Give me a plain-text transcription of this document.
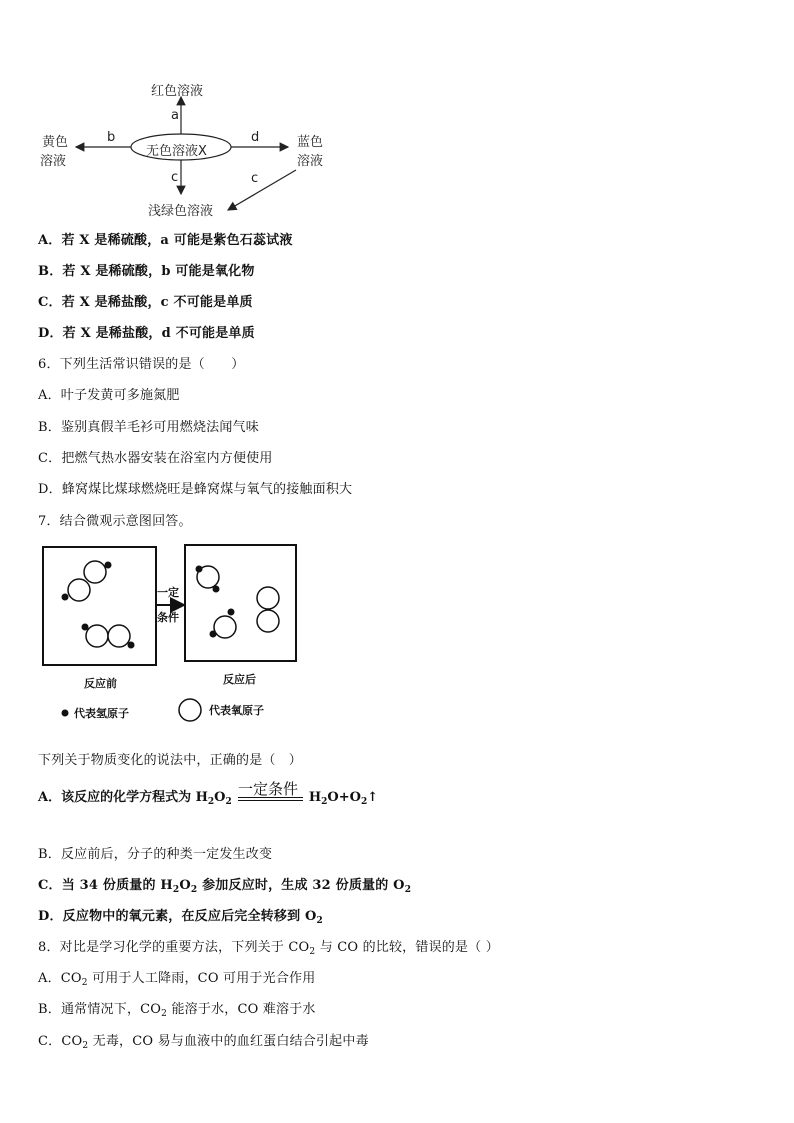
无色溶液X
红色溶液
黄色
溶液
蓝色
溶液
浅绿色溶液
a
b
c	c
d
A．若 X 是稀硫酸，a 可能是紫色石蕊试液
B．若 X 是稀硫酸，b 可能是氧化物
C．若 X 是稀盐酸，c 不可能是单质
D．若 X 是稀盐酸，d 不可能是单质
6．下列生活常识错误的是（　　）
A．叶子发黄可多施氮肥
B．鉴别真假羊毛衫可用燃烧法闻气味
C．把燃气热水器安装在浴室内方便使用
D．蜂窝煤比煤球燃烧旺是蜂窝煤与氧气的接触面积大
7．结合微观示意图回答。
一定
条件
反应前	反应后
代表氢原子	代表氧原子
下列关于物质变化的说法中，正确的是（　）
A．该反应的化学方程式为 $H_2O_2$	$H_2O+O_2↑$
一定条件
B．反应前后，分子的种类一定发生改变
C．当 34 份质量的 $H_2O_2$ 参加反应时，生成 32 份质量的 $O_2$
D．反应物中的氧元素，在反应后完全转移到 $O_2$
8．对比是学习化学的重要方法，下列关于 $CO_2$ 与 CO 的比较，错误的是（ ）
A．$CO_2$ 可用于人工降雨，CO 可用于光合作用
B．通常情况下，$CO_2$ 能溶于水，CO 难溶于水
C．$CO_2$ 无毒，CO 易与血液中的血红蛋白结合引起中毒
